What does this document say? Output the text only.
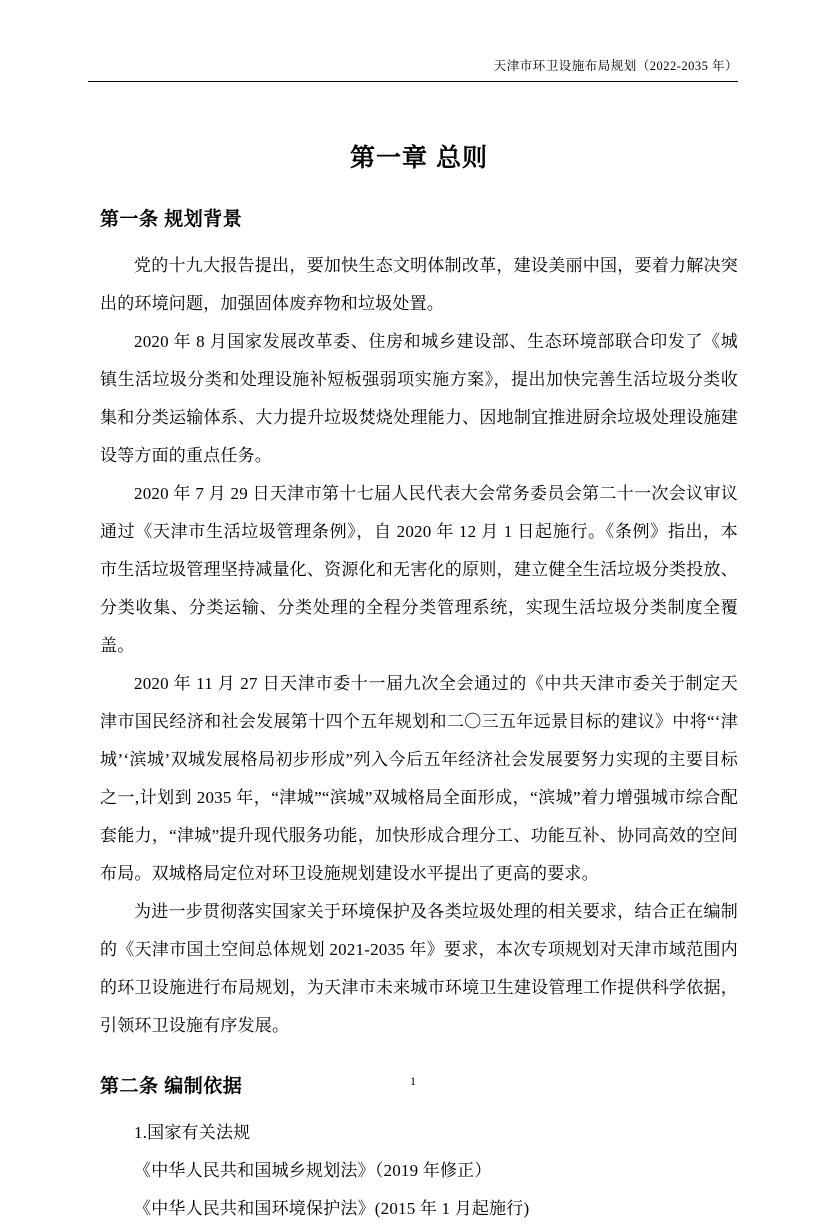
天津市环卫设施布局规划（2022-2035 年）
第一章 总则
第一条 规划背景

党的十九大报告提出，要加快生态文明体制改革，建设美丽中国，要着力解决突出的环境问题，加强固体废弃物和垃圾处置。

2020 年 8 月国家发展改革委、住房和城乡建设部、生态环境部联合印发了《城镇生活垃圾分类和处理设施补短板强弱项实施方案》，提出加快完善生活垃圾分类收集和分类运输体系、大力提升垃圾焚烧处理能力、因地制宜推进厨余垃圾处理设施建设等方面的重点任务。

2020 年 7 月 29 日天津市第十七届人民代表大会常务委员会第二十一次会议审议通过《天津市生活垃圾管理条例》，自 2020 年 12 月 1 日起施行。《条例》指出，本市生活垃圾管理坚持减量化、资源化和无害化的原则，建立健全生活垃圾分类投放、分类收集、分类运输、分类处理的全程分类管理系统，实现生活垃圾分类制度全覆盖。

2020 年 11 月 27 日天津市委十一届九次全会通过的《中共天津市委关于制定天津市国民经济和社会发展第十四个五年规划和二〇三五年远景目标的建议》中将“‘津城’‘滨城’双城发展格局初步形成”列入今后五年经济社会发展要努力实现的主要目标之一,计划到 2035 年，“津城”“滨城”双城格局全面形成，“滨城”着力增强城市综合配套能力，“津城”提升现代服务功能，加快形成合理分工、功能互补、协同高效的空间布局。双城格局定位对环卫设施规划建设水平提出了更高的要求。

为进一步贯彻落实国家关于环境保护及各类垃圾处理的相关要求，结合正在编制的《天津市国土空间总体规划 2021-2035 年》要求，本次专项规划对天津市域范围内的环卫设施进行布局规划，为天津市未来城市环境卫生建设管理工作提供科学依据，引领环卫设施有序发展。

第二条 编制依据

1.国家有关法规

《中华人民共和国城乡规划法》（2019 年修正）

《中华人民共和国环境保护法》(2015 年 1 月起施行)

1
